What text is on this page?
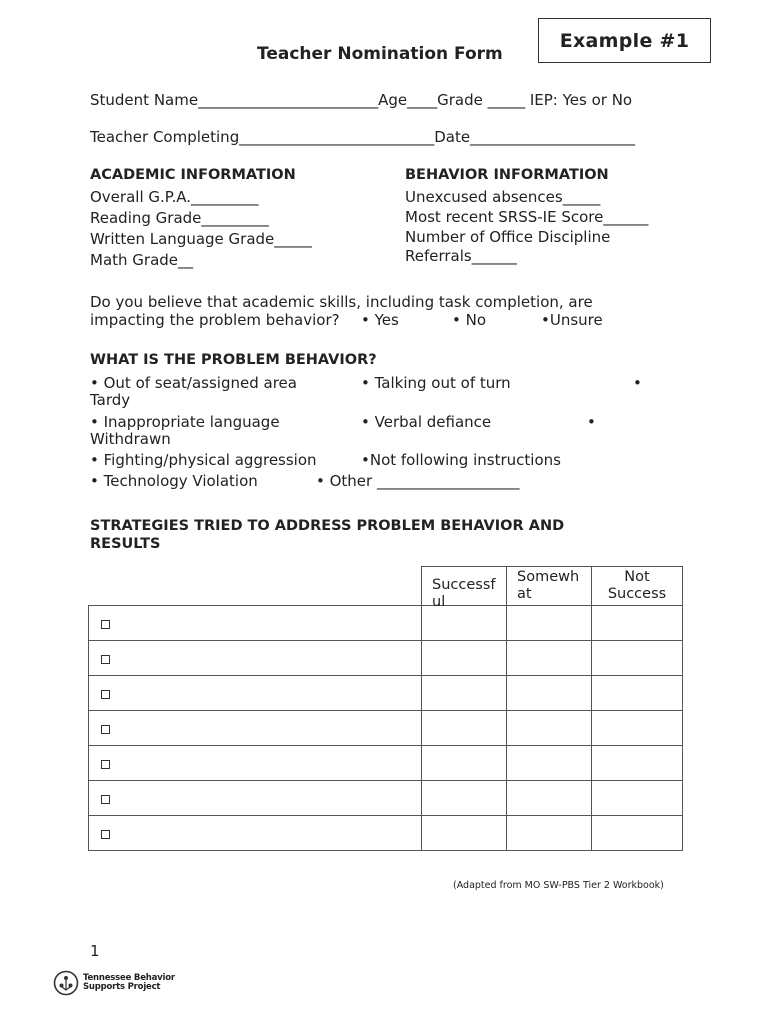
Example #1
Teacher Nomination Form
Student Name________________________Age____Grade _____ IEP: Yes or No
Teacher Completing__________________________Date______________________
ACADEMIC INFORMATION
Overall G.P.A._________
Reading Grade_________
Written Language Grade_____
Math Grade__
BEHAVIOR INFORMATION
Unexcused absences_____
Most recent SRSS-IE Score______
Number of Office Discipline
Referrals______
Do you believe that academic skills, including task completion, are
impacting the problem behavior? • Yes	• No	•Unsure
WHAT IS THE PROBLEM BEHAVIOR?
• Out of seat/assigned area	• Talking out of turn	•
Tardy
• Inappropriate language	• Verbal defiance	•
Withdrawn
• Fighting/physical aggression	•Not following instructions
• Technology Violation	• Other ___________________
STRATEGIES TRIED TO ADDRESS PROBLEM BEHAVIOR AND
RESULTS

	Successful	Somewhat	Not Success

(Adapted from MO SW-PBS Tier 2 Workbook)
1
Tennessee Behavior
Supports Project
